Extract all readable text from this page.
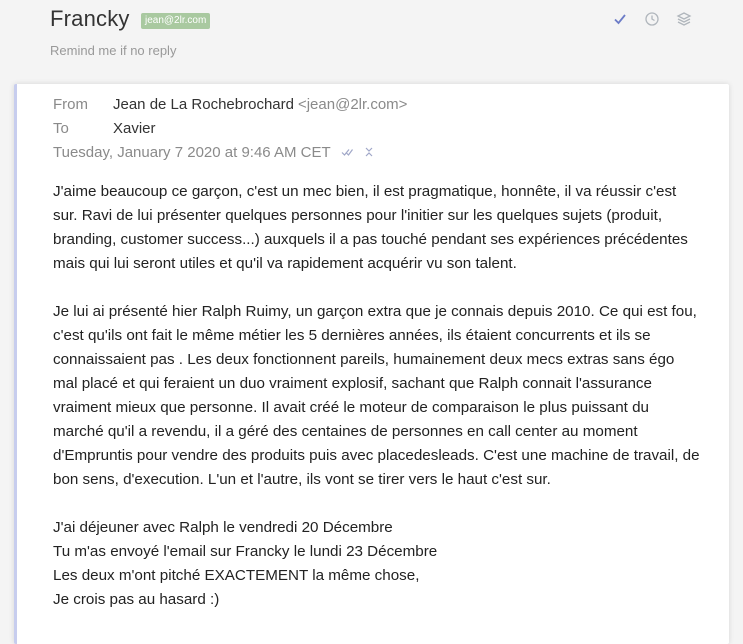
Francky	jean@2lr.com
Remind me if no reply
From	Jean de La Rochebrochard <jean@2lr.com>
To	Xavier
Tuesday, January 7 2020 at 9:46 AM CET

J'aime beaucoup ce garçon, c'est un mec bien, il est pragmatique, honnête, il va réussir c'est sur. Ravi de lui présenter quelques personnes pour l'initier sur les quelques sujets (produit, branding, customer success...) auxquels il a pas touché pendant ses expériences précédentes mais qui lui seront utiles et qu'il va rapidement acquérir vu son talent.

Je lui ai présenté hier Ralph Ruimy, un garçon extra que je connais depuis 2010. Ce qui est fou, c'est qu'ils ont fait le même métier les 5 dernières années, ils étaient concurrents et ils se connaissaient pas . Les deux fonctionnent pareils, humainement deux mecs extras sans égo mal placé et qui feraient un duo vraiment explosif, sachant que Ralph connait l'assurance vraiment mieux que personne. Il avait créé le moteur de comparaison le plus puissant du marché qu'il a revendu, il a géré des centaines de personnes en call center au moment d'Empruntis pour vendre des produits puis avec placedesleads. C'est une machine de travail, de bon sens, d'execution. L'un et l'autre, ils vont se tirer vers le haut c'est sur.

J'ai déjeuner avec Ralph le vendredi 20 Décembre
Tu m'as envoyé l'email sur Francky le lundi 23 Décembre
Les deux m'ont pitché EXACTEMENT la même chose,
Je crois pas au hasard :)
